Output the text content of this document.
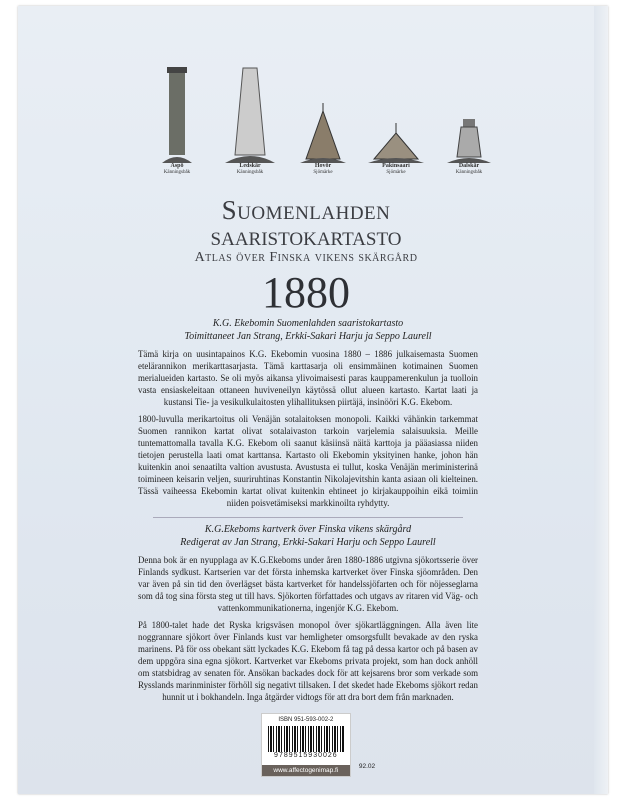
Aspö
Känningsbåk
Ledskär
Känningsbåk
Hovör
Sjömärke
Pakinsaari
Sjömärke
Dalskär
Känningsbåk
Suomenlahden
saaristokartasto
Atlas över Finska vikens skärgård
1880
K.G. Ekebomin Suomenlahden saaristokartasto
Toimittaneet Jan Strang, Erkki-Sakari Harju ja Seppo Laurell

Tämä kirja on uusintapainos K.G. Ekebomin vuosina 1880 – 1886 julkaisemasta Suomen etelärannikon merikarttasarjasta. Tämä karttasarja oli ensimmäinen kotimainen Suomen merialueiden kartasto. Se oli myös aikansa ylivoimaisesti paras kauppamerenkulun ja tuolloin vasta ensiaskeleitaan ottaneen huviveneilyn käytössä ollut alueen kartasto. Kartat laati ja kustansi Tie- ja vesikulkulaitosten ylihallituksen piirtäjä, insinööri K.G. Ekebom.

1800-luvulla merikartoitus oli Venäjän sotalaitoksen monopoli. Kaikki vähänkin tarkemmat Suomen rannikon kartat olivat sotalaivaston tarkoin varjelemia salaisuuksia. Meille tuntemattomalla tavalla K.G. Ekebom oli saanut käsiinsä näitä karttoja ja pääasiassa niiden tietojen perustella laati omat karttansa. Kartasto oli Ekebomin yksityinen hanke, johon hän kuitenkin anoi senaatilta valtion avustusta. Avustusta ei tullut, koska Venäjän meriministerinä toimineen keisarin veljen, suuriruhtinas Konstantin Nikolajevitshin kanta asiaan oli kielteinen. Tässä vaiheessa Ekebomin kartat olivat kuitenkin ehtineet jo kirjakauppoihin eikä toimiin niiden poisvetämiseksi markkinoilta ryhdytty.

K.G.Ekeboms kartverk över Finska vikens skärgård
Redigerat av Jan Strang, Erkki-Sakari Harju och Seppo Laurell

Denna bok är en nyupplaga av K.G.Ekeboms under åren 1880-1886 utgivna sjökortsserie över Finlands sydkust. Kartserien var det första inhemska kartverket över Finska sjöområden. Den var även på sin tid den överlägset bästa kartverket för handelssjöfarten och för nöjesseglarna som då tog sina första steg ut till havs. Sjökorten författades och utgavs av ritaren vid Väg- och vattenkommunikationerna, ingenjör K.G. Ekebom.

På 1800-talet hade det Ryska krigsväsen monopol över sjökartläggningen. Alla även lite noggrannare sjökort över Finlands kust var hemligheter omsorgsfullt bevakade av den ryska marinens. På för oss obekant sätt lyckades K.G. Ekebom få tag på dessa kartor och på basen av dem uppgöra sina egna sjökort. Kartverket var Ekeboms privata projekt, som han dock anhöll om statsbidrag av senaten för. Ansökan backades dock för att kejsarens bror som verkade som Rysslands marinminister förhöll sig negativt tillsaken. I det skedet hade Ekeboms sjökort redan hunnit ut i bokhandeln. Inga åtgärder vidtogs för att dra bort dem från marknaden.

ISBN 951-593-002-2
9789515930026
www.affectogenimap.fi
92.02
